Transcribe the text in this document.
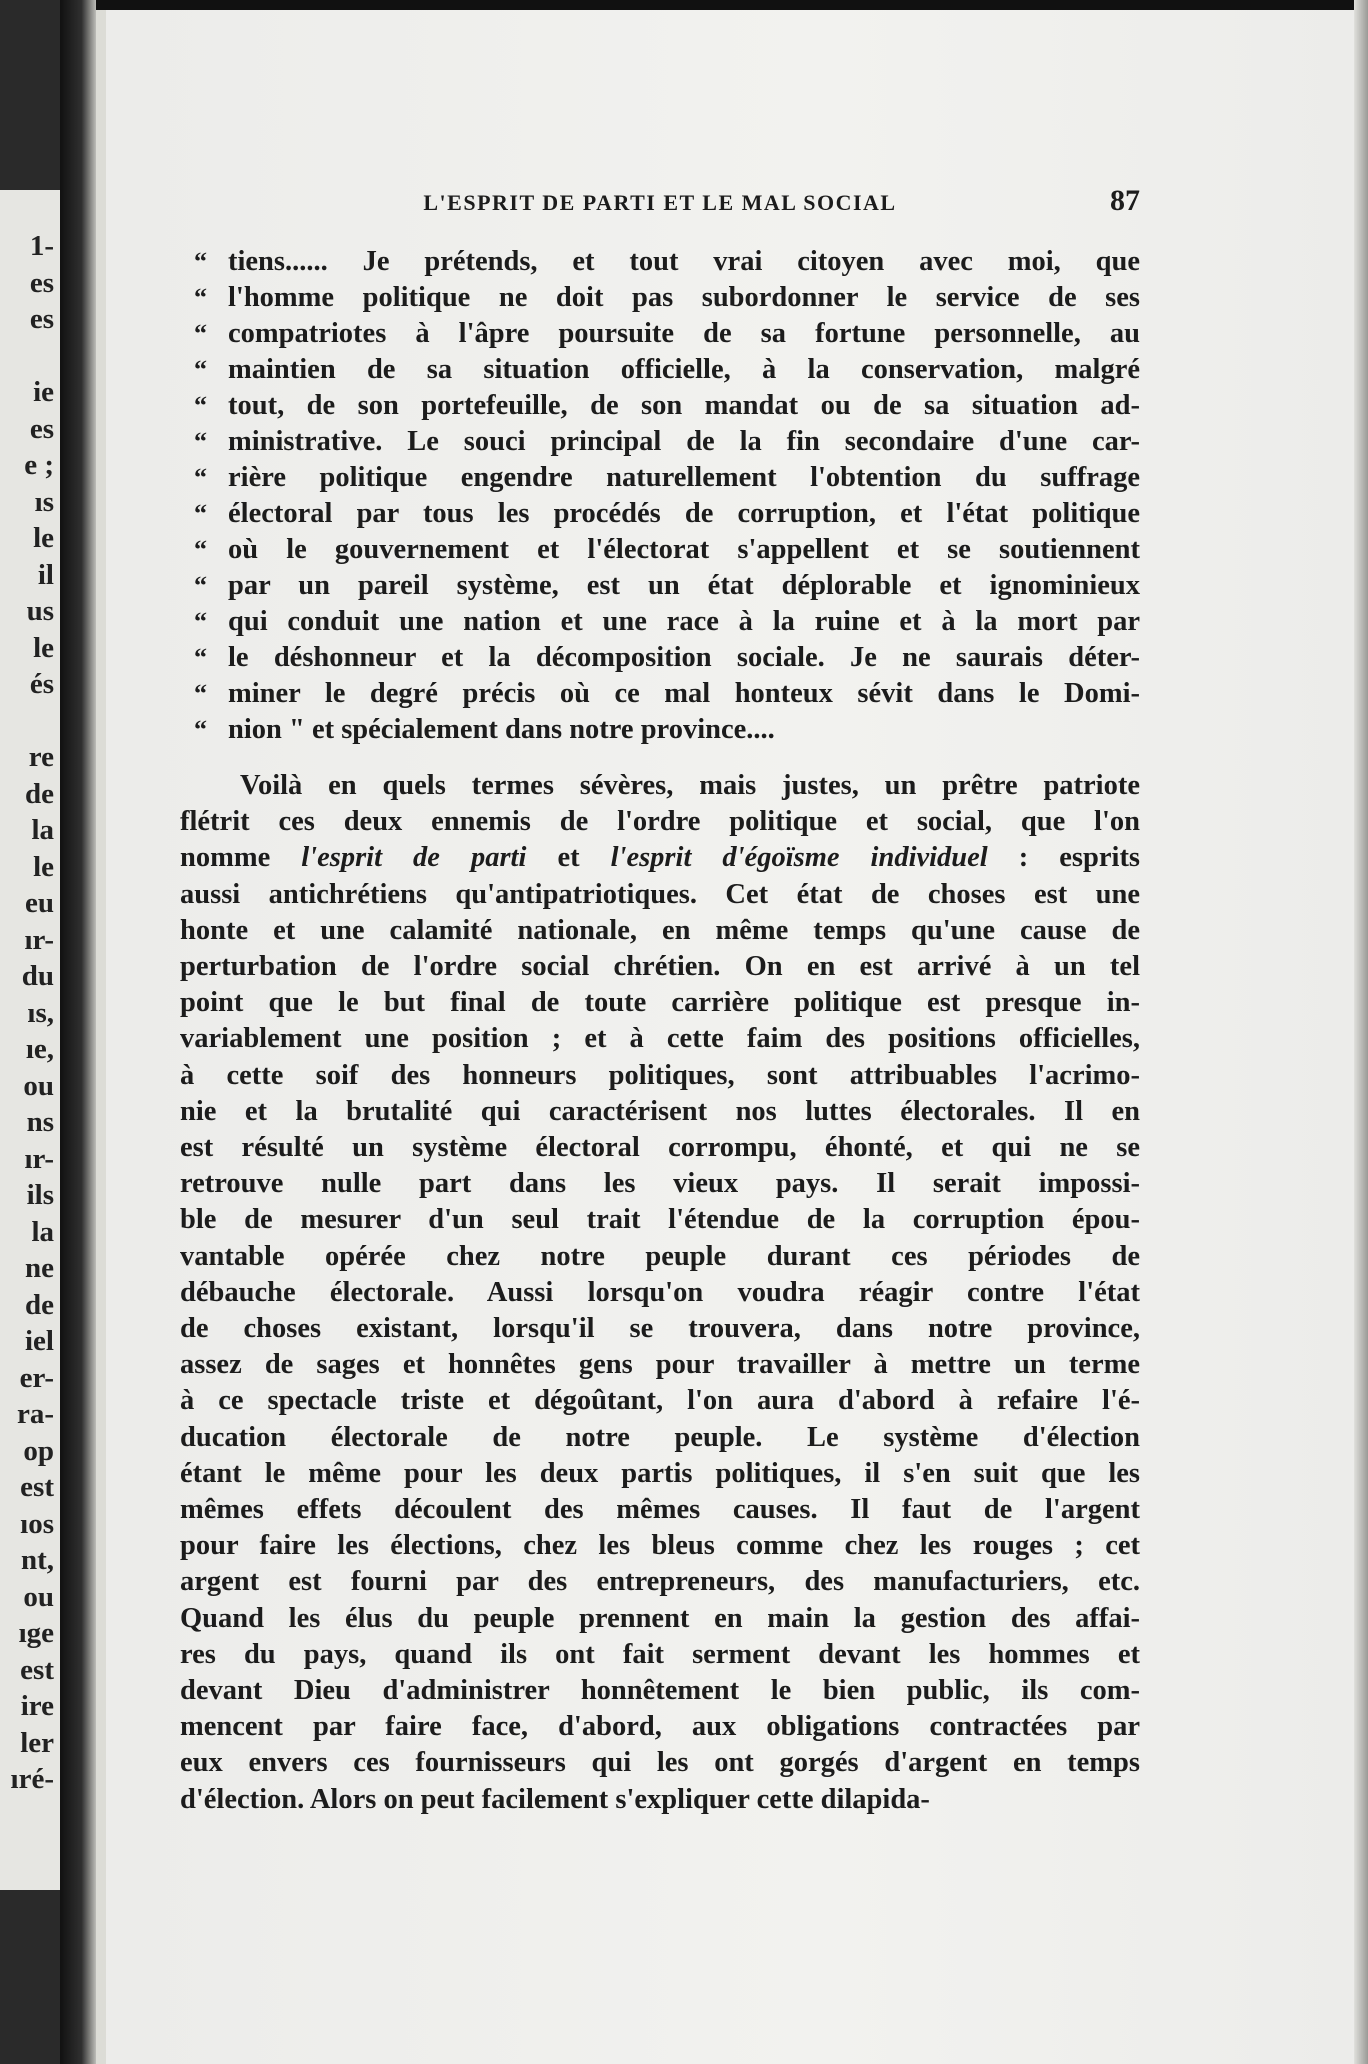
1-
es
es
ie
es
e ;
ıs
le
il
us
le
és
re
de
la
le
eu
ır-
du
ıs,
ıe,
ou
ns
ır-
ils
la
ne
de
iel
er-
ra-
op
est
ıos
nt,
ou
ıge
est
ire
ler
ıré-
L'ESPRIT DE PARTI ET LE MAL SOCIAL	87
“ tiens...... Je prétends, et tout vrai citoyen avec moi, que
“ l'homme politique ne doit pas subordonner le service de ses
“ compatriotes à l'âpre poursuite de sa fortune personnelle, au
“ maintien de sa situation officielle, à la conservation, malgré
“ tout, de son portefeuille, de son mandat ou de sa situation ad-
“ ministrative. Le souci principal de la fin secondaire d'une car-
“ rière politique engendre naturellement l'obtention du suffrage
“ électoral par tous les procédés de corruption, et l'état politique
“ où le gouvernement et l'électorat s'appellent et se soutiennent
“ par un pareil système, est un état déplorable et ignominieux
“ qui conduit une nation et une race à la ruine et à la mort par
“ le déshonneur et la décomposition sociale. Je ne saurais déter-
“ miner le degré précis où ce mal honteux sévit dans le Domi-
“ nion " et spécialement dans notre province....
Voilà en quels termes sévères, mais justes, un prêtre patriote
flétrit ces deux ennemis de l'ordre politique et social, que l'on
nomme l'esprit de parti et l'esprit d'égoïsme individuel : esprits
aussi antichrétiens qu'antipatriotiques. Cet état de choses est une
honte et une calamité nationale, en même temps qu'une cause de
perturbation de l'ordre social chrétien. On en est arrivé à un tel
point que le but final de toute carrière politique est presque in-
variablement une position ; et à cette faim des positions officielles,
à cette soif des honneurs politiques, sont attribuables l'acrimo-
nie et la brutalité qui caractérisent nos luttes électorales. Il en
est résulté un système électoral corrompu, éhonté, et qui ne se
retrouve nulle part dans les vieux pays. Il serait impossi-
ble de mesurer d'un seul trait l'étendue de la corruption épou-
vantable opérée chez notre peuple durant ces périodes de
débauche électorale. Aussi lorsqu'on voudra réagir contre l'état
de choses existant, lorsqu'il se trouvera, dans notre province,
assez de sages et honnêtes gens pour travailler à mettre un terme
à ce spectacle triste et dégoûtant, l'on aura d'abord à refaire l'é-
ducation électorale de notre peuple. Le système d'élection
étant le même pour les deux partis politiques, il s'en suit que les
mêmes effets découlent des mêmes causes. Il faut de l'argent
pour faire les élections, chez les bleus comme chez les rouges ; cet
argent est fourni par des entrepreneurs, des manufacturiers, etc.
Quand les élus du peuple prennent en main la gestion des affai-
res du pays, quand ils ont fait serment devant les hommes et
devant Dieu d'administrer honnêtement le bien public, ils com-
mencent par faire face, d'abord, aux obligations contractées par
eux envers ces fournisseurs qui les ont gorgés d'argent en temps
d'élection. Alors on peut facilement s'expliquer cette dilapida-
